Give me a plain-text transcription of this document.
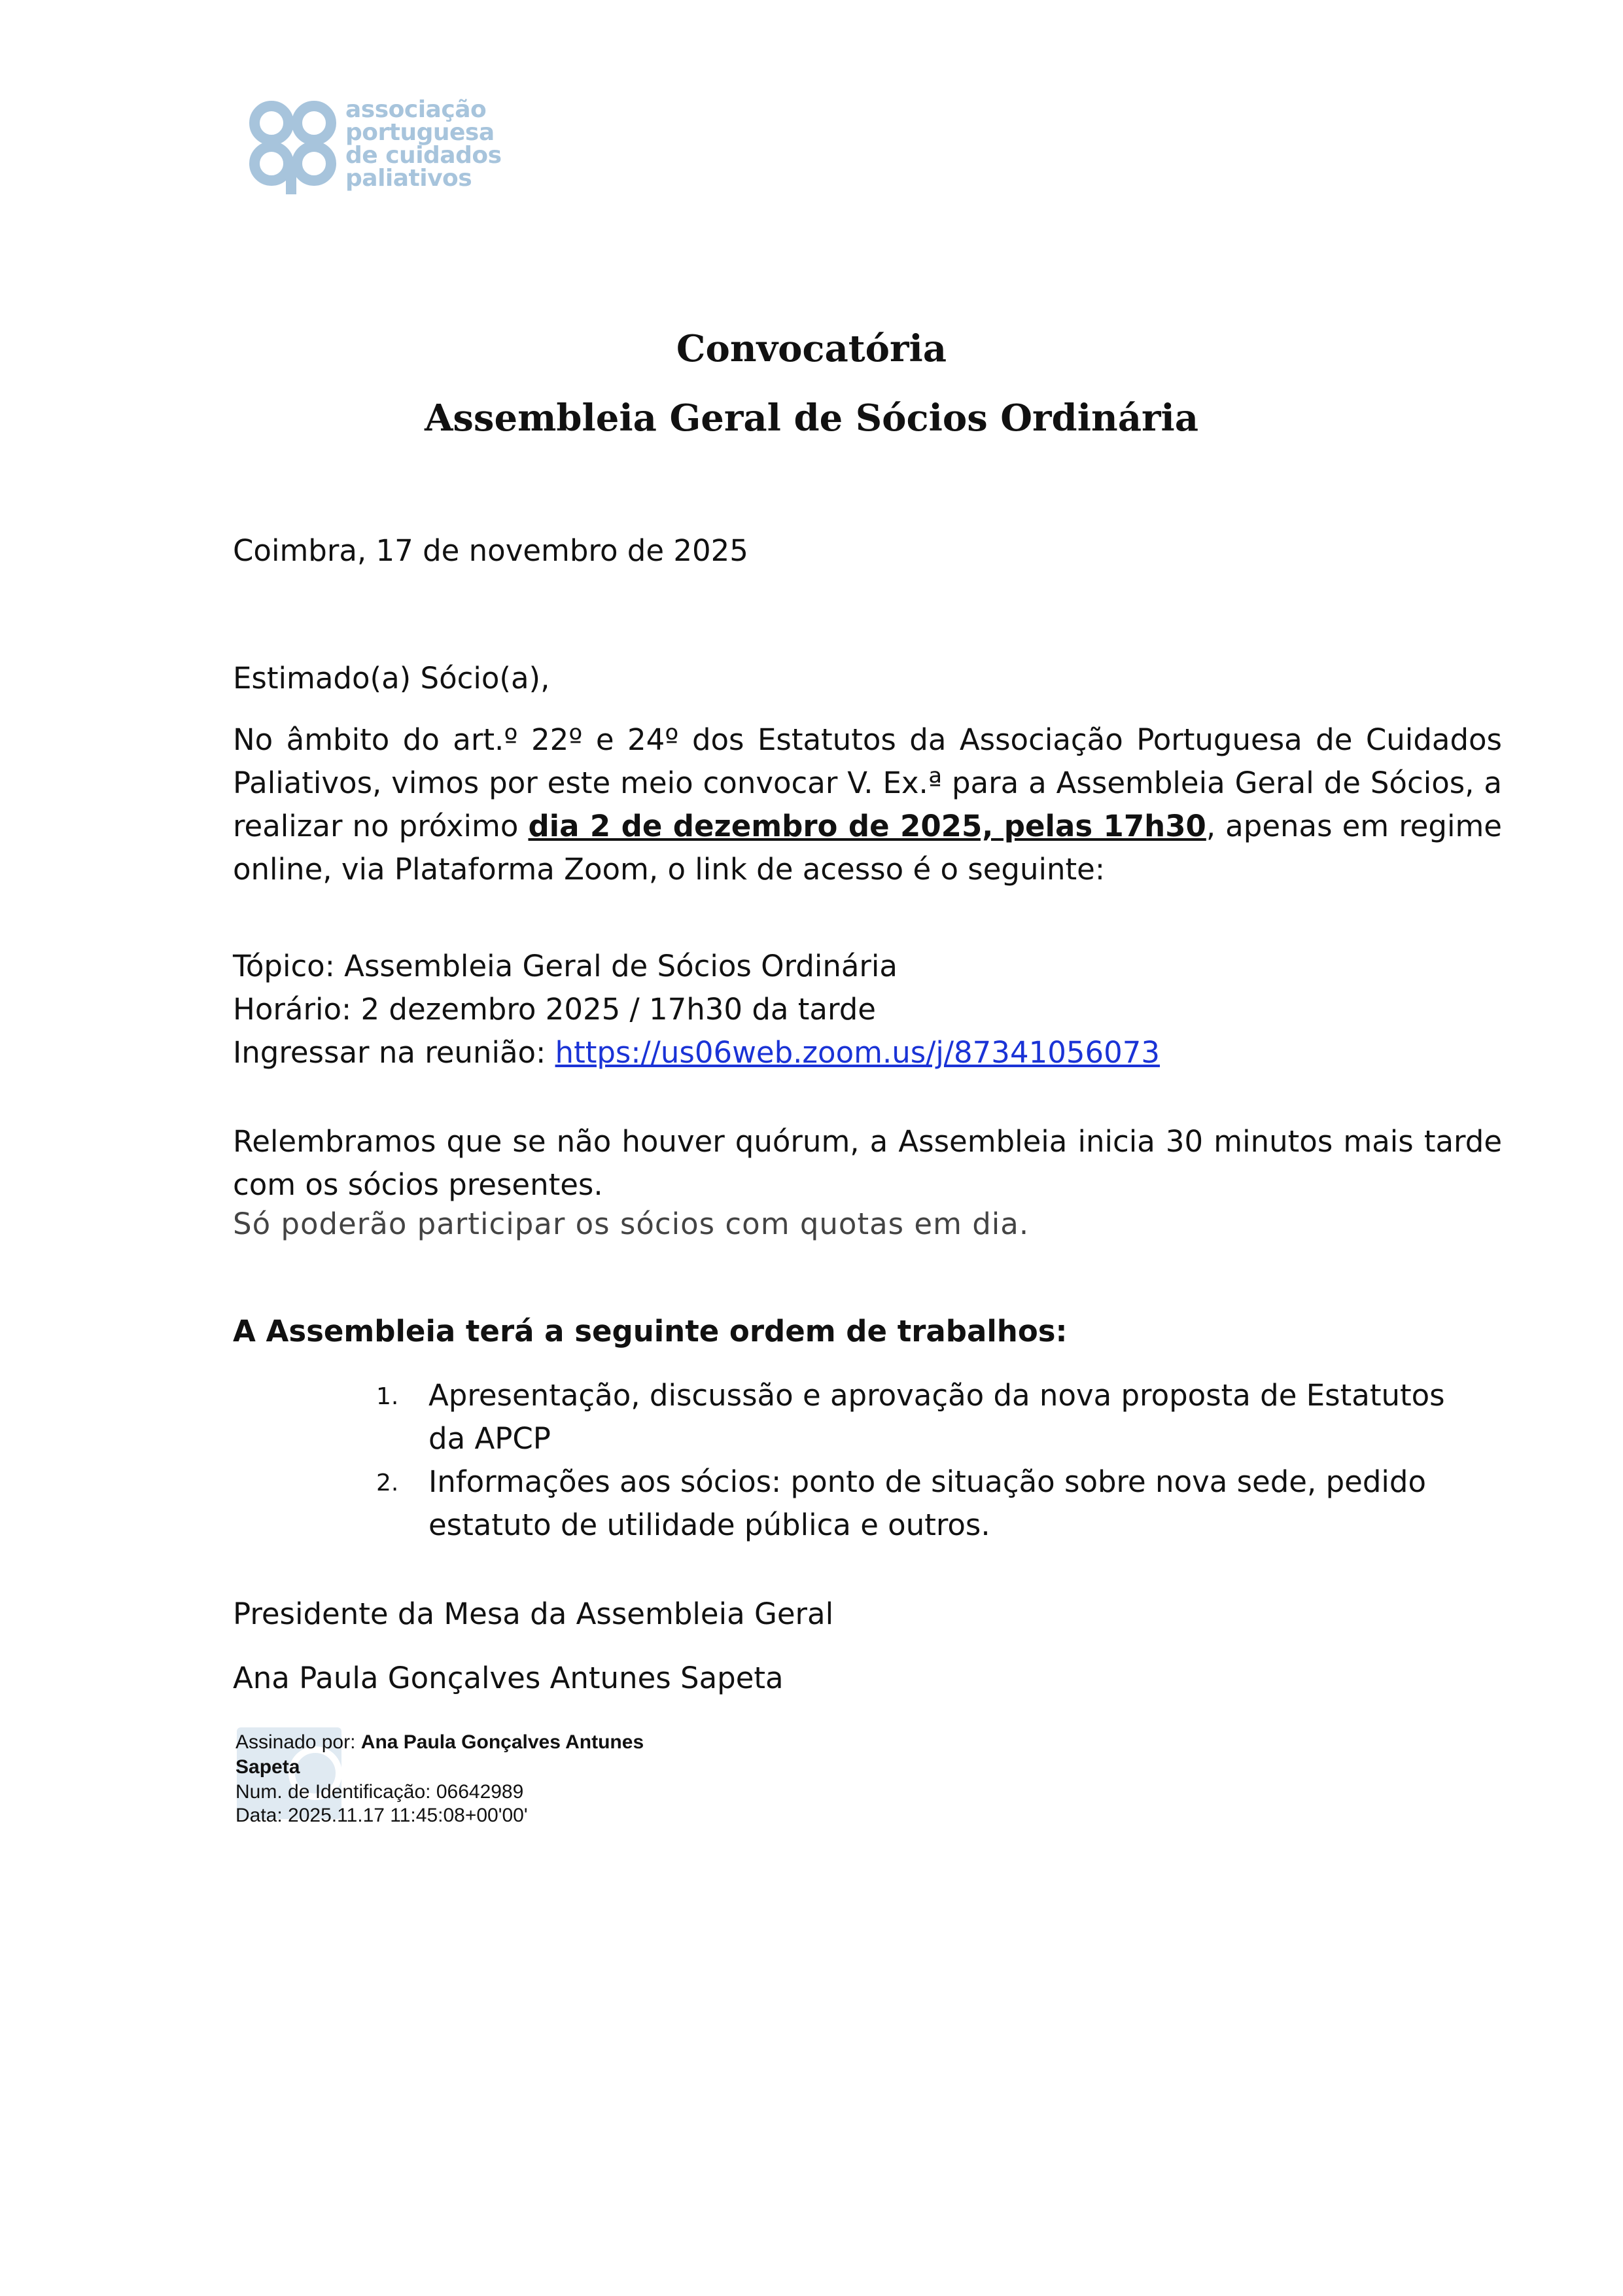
associação
portuguesa
de cuidados
paliativos
Convocatória
Assembleia Geral de Sócios Ordinária
Coimbra, 17 de novembro de 2025
Estimado(a) Sócio(a),
No âmbito do art.º 22º e 24º dos Estatutos da Associação Portuguesa de Cuidados Paliativos, vimos por este meio convocar V. Ex.ª para a Assembleia Geral de Sócios, a realizar no próximo dia 2 de dezembro de 2025, pelas 17h30, apenas em regime online, via Plataforma Zoom, o link de acesso é o seguinte:
Tópico: Assembleia Geral de Sócios Ordinária
Horário: 2 dezembro 2025 / 17h30 da tarde
Ingressar na reunião: https://us06web.zoom.us/j/87341056073
Relembramos que se não houver quórum, a Assembleia inicia 30 minutos mais tarde com os sócios presentes.
Só poderão participar os sócios com quotas em dia.
A Assembleia terá a seguinte ordem de trabalhos:
1. Apresentação, discussão e aprovação da nova proposta de Estatutos da APCP
2. Informações aos sócios: ponto de situação sobre nova sede, pedido estatuto de utilidade pública e outros.
Presidente da Mesa da Assembleia Geral
Ana Paula Gonçalves Antunes Sapeta
Assinado por: Ana Paula Gonçalves Antunes
Sapeta
Num. de Identificação: 06642989
Data: 2025.11.17 11:45:08+00'00'
